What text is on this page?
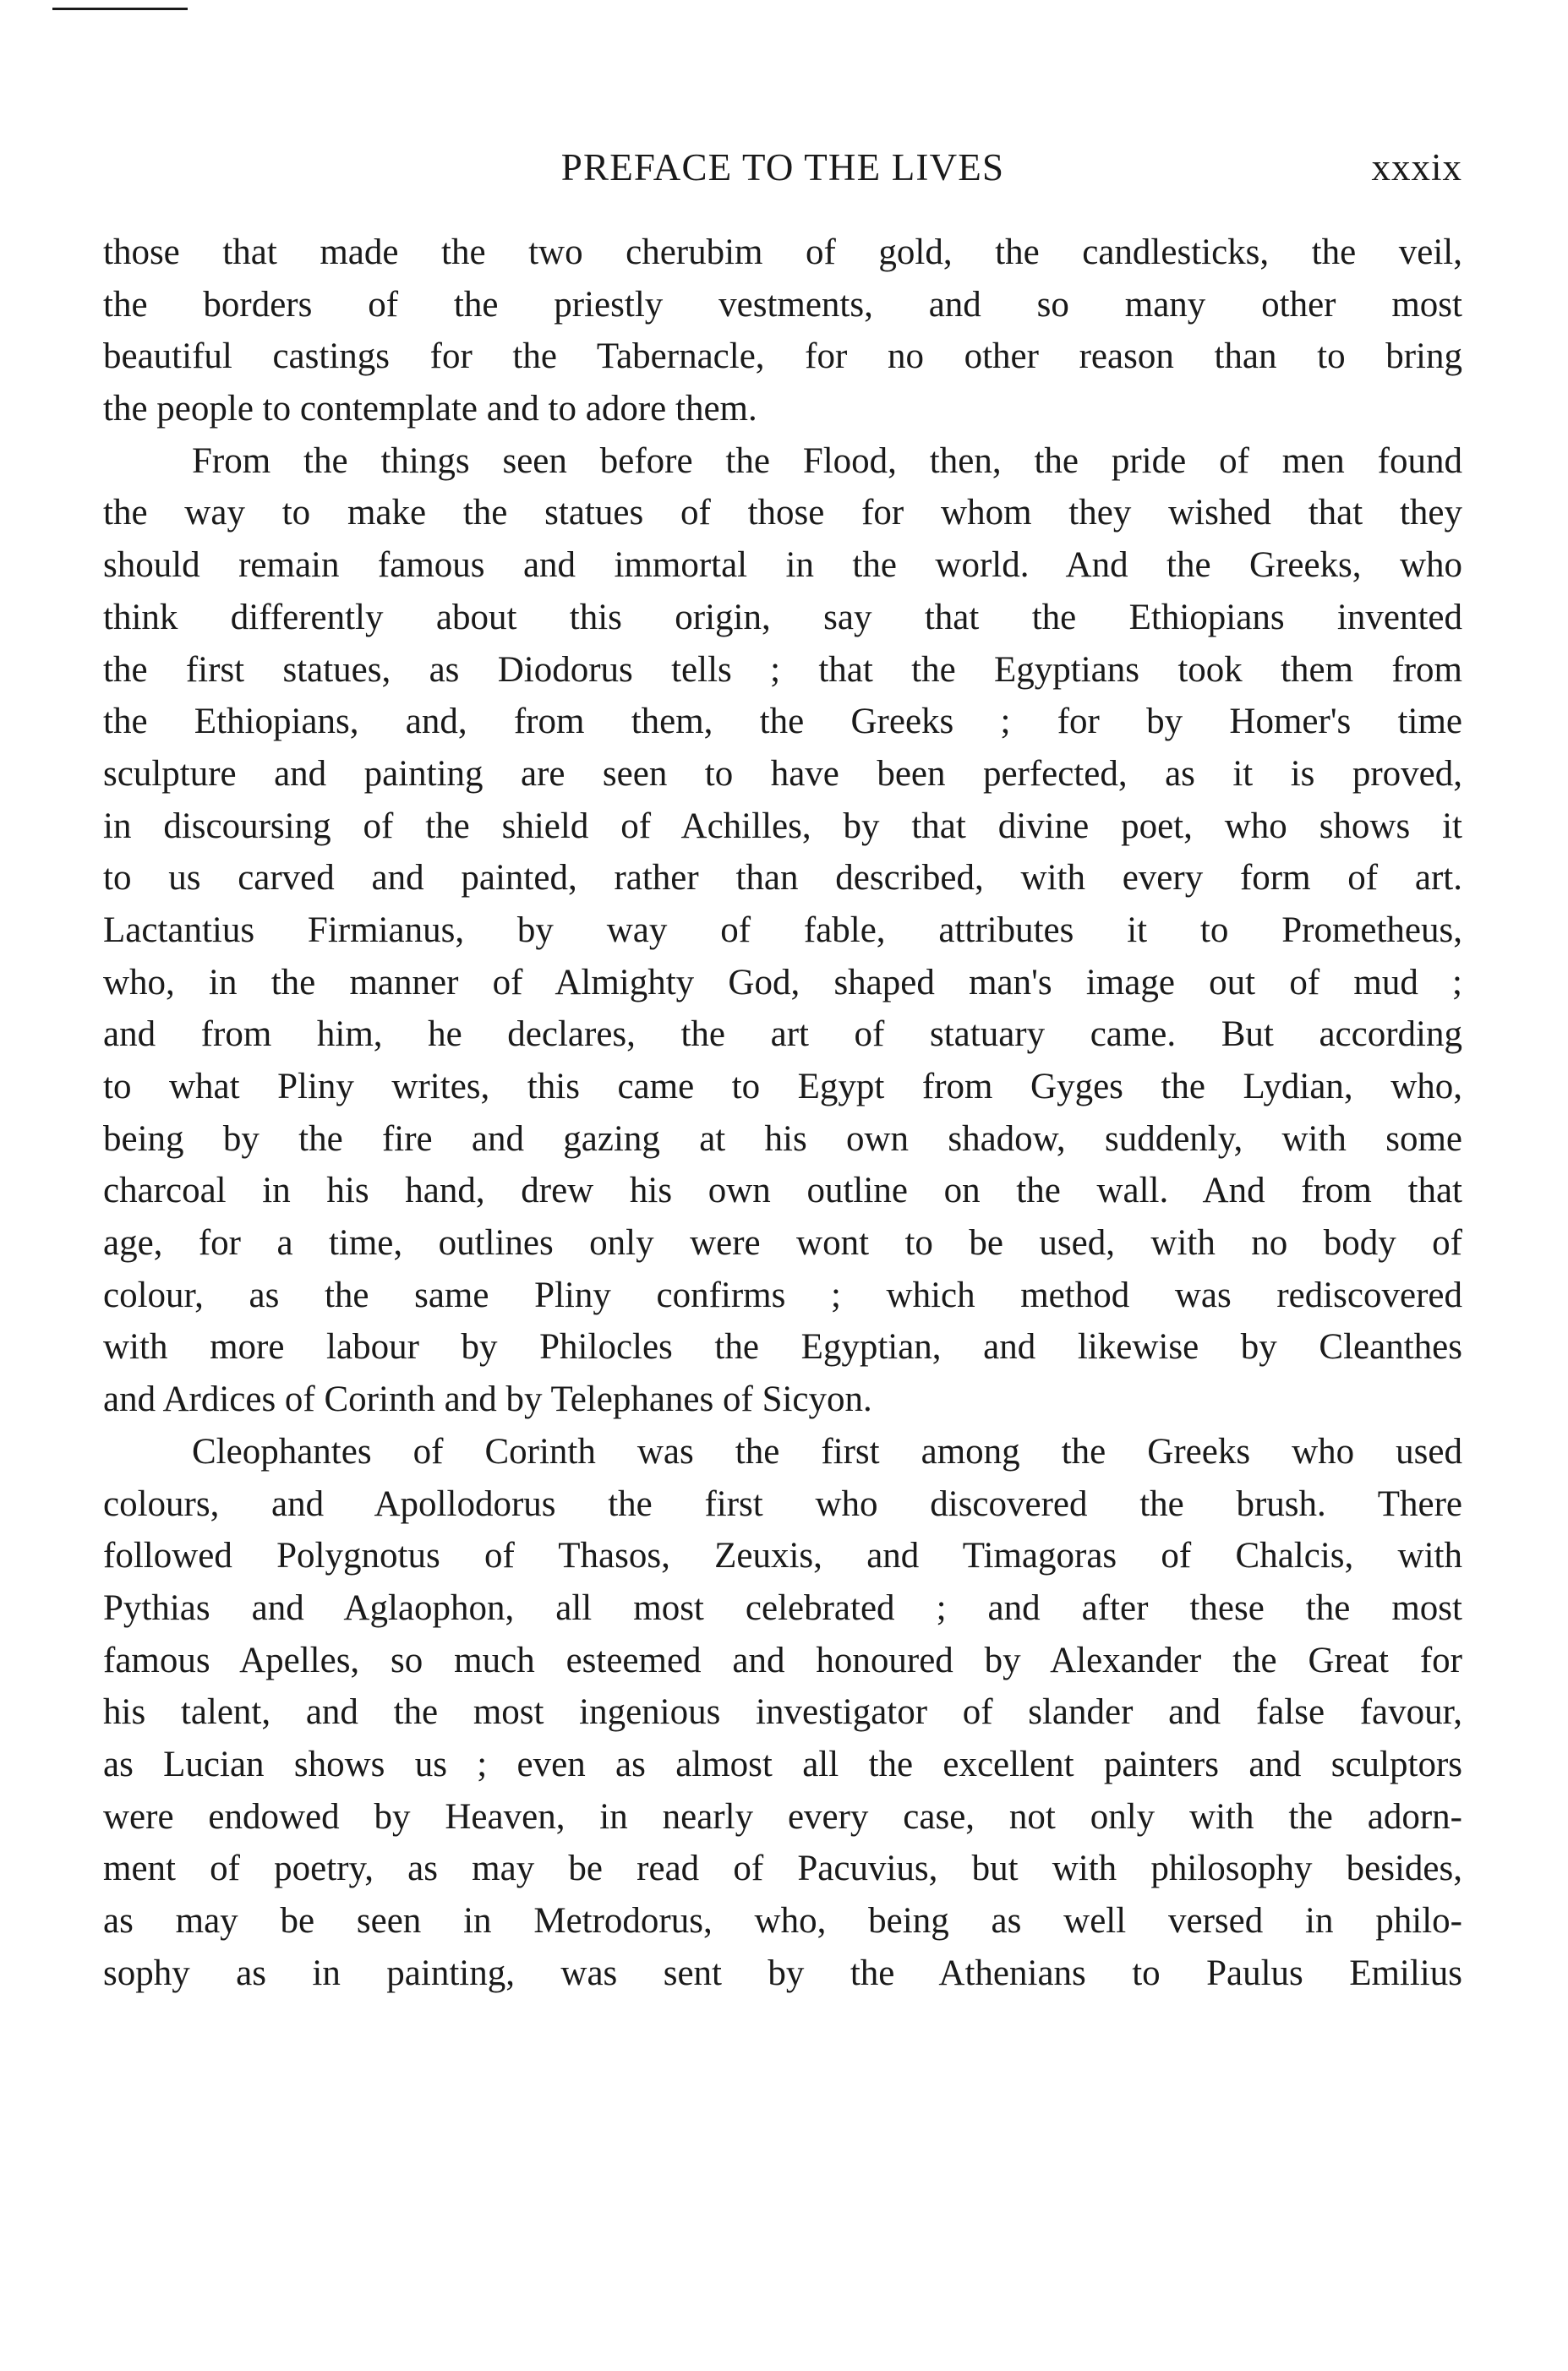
PREFACE TO THE LIVES	xxxix
those that made the two cherubim of gold, the candlesticks, the veil,
the borders of the priestly vestments, and so many other most
beautiful castings for the Tabernacle, for no other reason than to bring
the people to contemplate and to adore them.
From the things seen before the Flood, then, the pride of men found
the way to make the statues of those for whom they wished that they
should remain famous and immortal in the world. And the Greeks, who
think differently about this origin, say that the Ethiopians invented
the first statues, as Diodorus tells ; that the Egyptians took them from
the Ethiopians, and, from them, the Greeks ; for by Homer's time
sculpture and painting are seen to have been perfected, as it is proved,
in discoursing of the shield of Achilles, by that divine poet, who shows it
to us carved and painted, rather than described, with every form of art.
Lactantius Firmianus, by way of fable, attributes it to Prometheus,
who, in the manner of Almighty God, shaped man's image out of mud ;
and from him, he declares, the art of statuary came. But according
to what Pliny writes, this came to Egypt from Gyges the Lydian, who,
being by the fire and gazing at his own shadow, suddenly, with some
charcoal in his hand, drew his own outline on the wall. And from that
age, for a time, outlines only were wont to be used, with no body of
colour, as the same Pliny confirms ; which method was rediscovered
with more labour by Philocles the Egyptian, and likewise by Cleanthes
and Ardices of Corinth and by Telephanes of Sicyon.
Cleophantes of Corinth was the first among the Greeks who used
colours, and Apollodorus the first who discovered the brush. There
followed Polygnotus of Thasos, Zeuxis, and Timagoras of Chalcis, with
Pythias and Aglaophon, all most celebrated ; and after these the most
famous Apelles, so much esteemed and honoured by Alexander the Great for
his talent, and the most ingenious investigator of slander and false favour,
as Lucian shows us ; even as almost all the excellent painters and sculptors
were endowed by Heaven, in nearly every case, not only with the adorn-
ment of poetry, as may be read of Pacuvius, but with philosophy besides,
as may be seen in Metrodorus, who, being as well versed in philo-
sophy as in painting, was sent by the Athenians to Paulus Emilius
